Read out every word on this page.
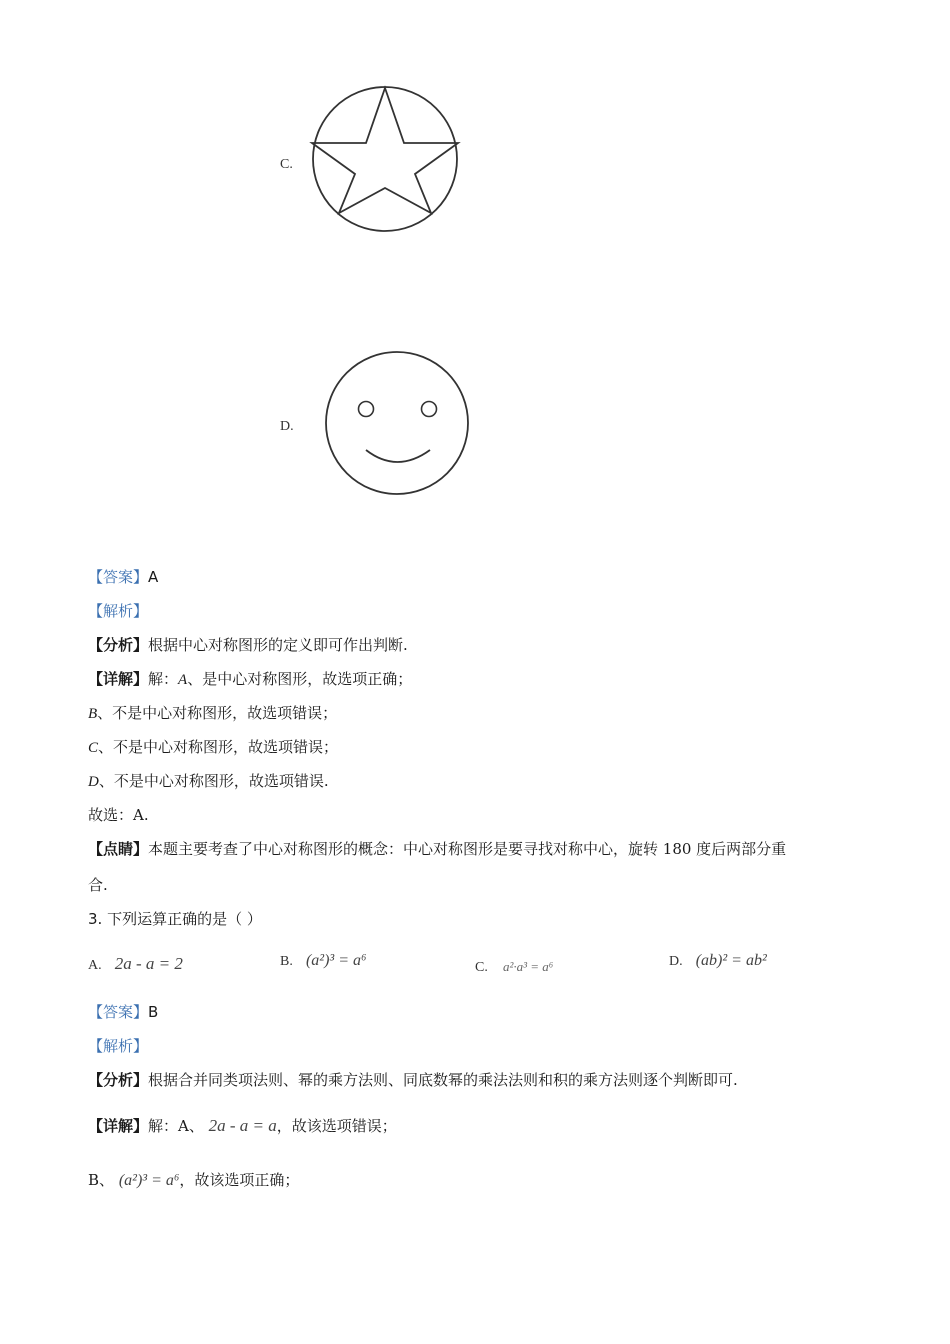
C.
D.
【答案】A
【解析】
【分析】根据中心对称图形的定义即可作出判断.
【详解】解：A、是中心对称图形，故选项正确；
B、不是中心对称图形，故选项错误；
C、不是中心对称图形，故选项错误；
D、不是中心对称图形，故选项错误.
故选：A.
【点睛】本题主要考查了中心对称图形的概念：中心对称图形是要寻找对称中心，旋转 180 度后两部分重
合.
3. 下列运算正确的是（ ）
A. 2a - a = 2	B. (a²)³ = a⁶	C. a²·a³ = a⁶	D. (ab)² = ab²
【答案】B
【解析】
【分析】根据合并同类项法则、幂的乘方法则、同底数幂的乘法法则和积的乘方法则逐个判断即可.
【详解】解：A、 2a - a = a，故该选项错误；
B、 (a²)³ = a⁶，故该选项正确；
